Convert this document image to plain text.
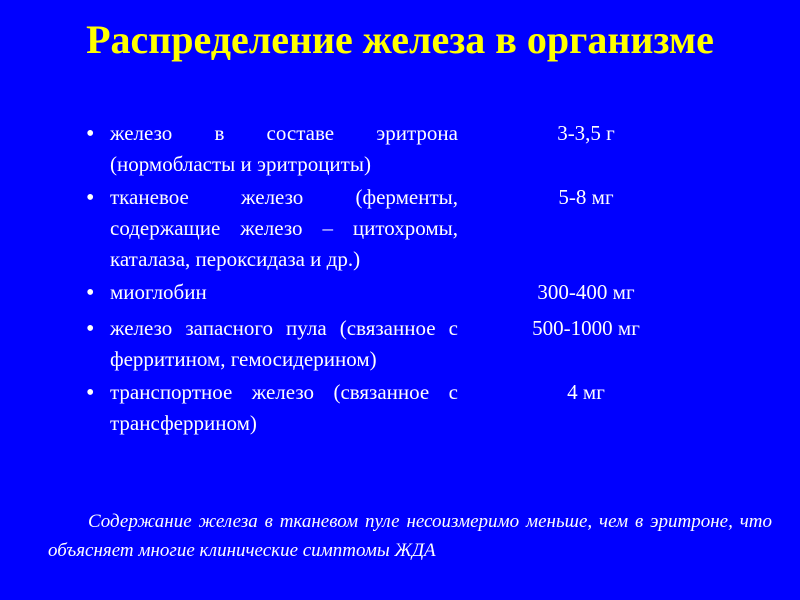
Распределение железа в организме
• железо в составе эритрона (нормобласты и эритроциты)
3-3,5 г
• тканевое железо (ферменты, содержащие железо – цитохромы, каталаза, пероксидаза и др.)
5-8 мг
• миоглобин	300-400 мг
• железо запасного пула (связанное с ферритином, гемосидерином)
500-1000 мг
• транспортное железо (связанное с трансферрином)
4 мг
Содержание железа в тканевом пуле несоизмеримо меньше, чем в эритроне, что объясняет многие клинические симптомы ЖДА
